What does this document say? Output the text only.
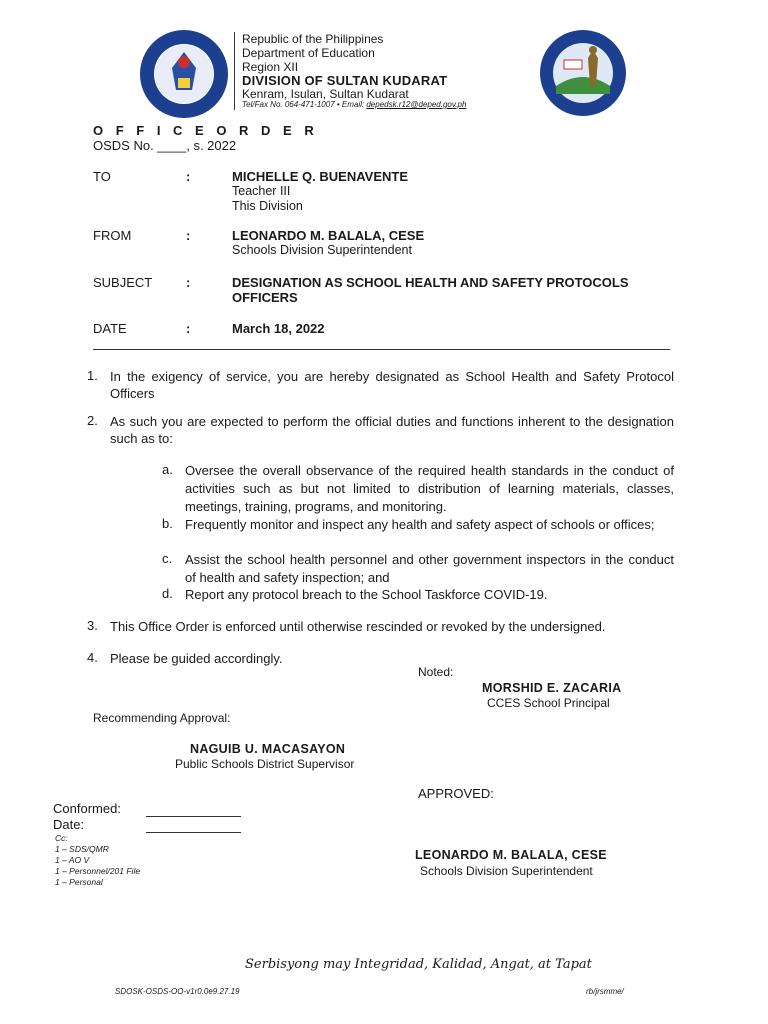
Republic of the Philippines
Department of Education
Region XII
DIVISION OF SULTAN KUDARAT
Kenram, Isulan, Sultan Kudarat
Tel/Fax No. 064-471-1007 • Email: depedsk.r12@deped.gov.ph
O F F I C E O R D E R
OSDS No. ____, s. 2022
TO	:	MICHELLE Q. BUENAVENTE
Teacher III
This Division
FROM	:	LEONARDO M. BALALA, CESE
Schools Division Superintendent
SUBJECT	:	DESIGNATION AS SCHOOL HEALTH AND SAFETY PROTOCOLS
OFFICERS
DATE	:	March 18, 2022
1. In the exigency of service, you are hereby designated as School Health and Safety Protocol Officers
2. As such you are expected to perform the official duties and functions inherent to the designation such as to:
a. Oversee the overall observance of the required health standards in the conduct of activities such as but not limited to distribution of learning materials, classes, meetings, training, programs, and monitoring.
b. Frequently monitor and inspect any health and safety aspect of schools or offices;
c. Assist the school health personnel and other government inspectors in the conduct of health and safety inspection; and
d. Report any protocol breach to the School Taskforce COVID-19.
3. This Office Order is enforced until otherwise rescinded or revoked by the undersigned.
4. Please be guided accordingly.
Noted:
MORSHID E. ZACARIA
CCES School Principal
Recommending Approval:
NAGUIB U. MACASAYON
Public Schools District Supervisor
APPROVED:
Conformed:
Date:
Cc:
1 – SDS/QMR
1 – AO V
1 – Personnel/201 File
1 – Personal
LEONARDO M. BALALA, CESE
Schools Division Superintendent
Serbisyong may Integridad, Kalidad, Angat, at Tapat
SDOSK-OSDS-OO-v1r0.0e9.27.19	rb/jrsmme/
